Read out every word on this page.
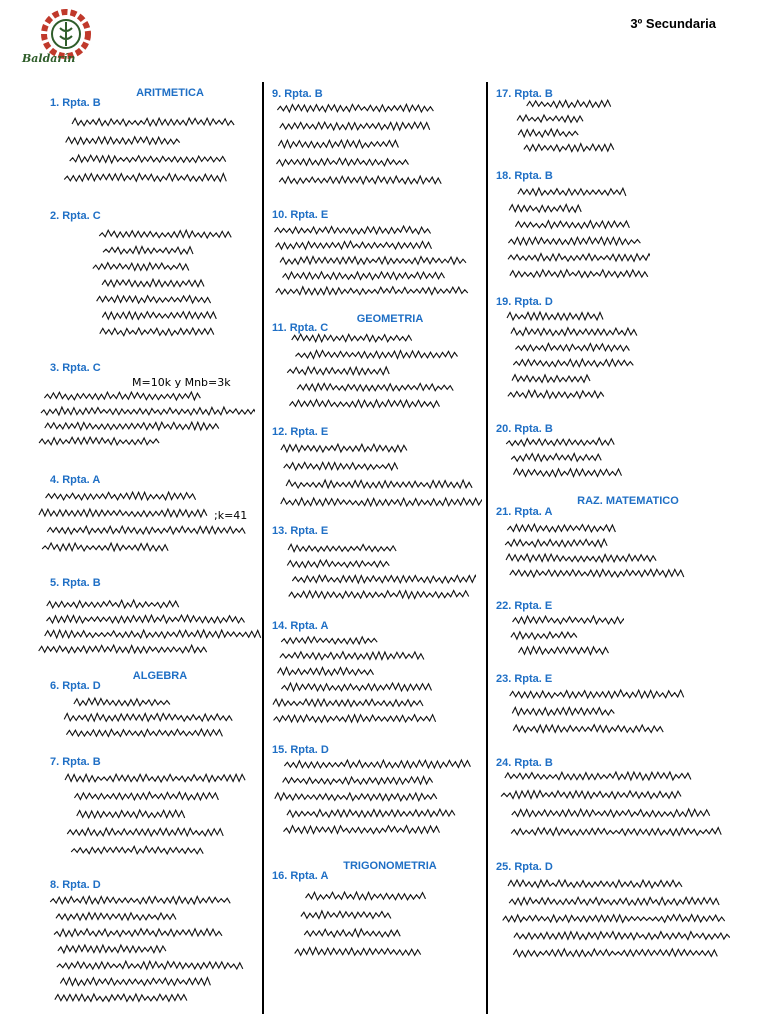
Baldarín
3º Secundaria
ARITMETICA
1. Rpta. B
2. Rpta. C
3. Rpta. C
M=10k y Mnb=3k
4. Rpta. A
;k=41
5. Rpta. B
ALGEBRA
6. Rpta. D
7. Rpta. B
8. Rpta. D
9. Rpta. B
10. Rpta. E
GEOMETRIA
11. Rpta. C
12. Rpta. E
13. Rpta. E
14. Rpta. A
15. Rpta. D
TRIGONOMETRIA
16. Rpta. A
17. Rpta. B
18. Rpta. B
19. Rpta. D
20. Rpta. B
RAZ. MATEMATICO
21. Rpta. A
22. Rpta. E
23. Rpta. E
24. Rpta. B
25. Rpta. D
